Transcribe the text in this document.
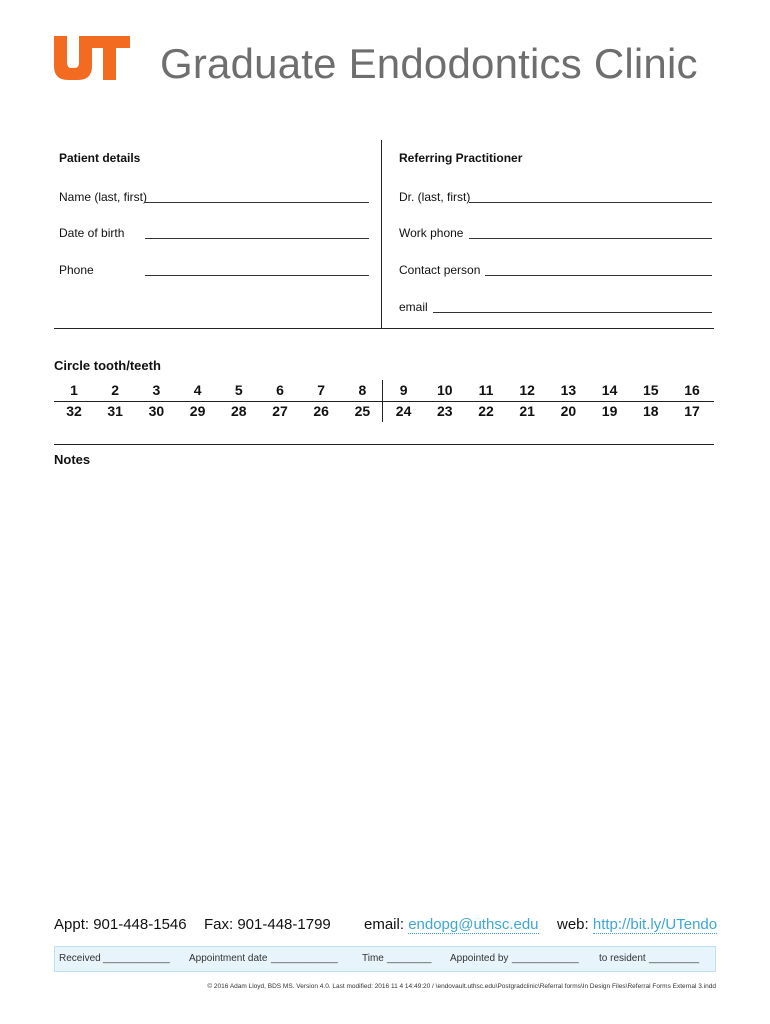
Graduate Endodontics Clinic
Patient details	Referring Practitioner
Name (last, first)
Date of birth
Phone
Dr. (last, first)
Work phone
Contact person
email
Circle tooth/teeth
1	2	3	4	5	6	7	8	9	10	11	12	13	14	15	16
32	31	30	29	28	27	26	25	24	23	22	21	20	19	18	17
Notes
Appt: 901-448-1546 Fax: 901-448-1799 email: endopg@uthsc.edu web: http://bit.ly/UTendo
Received ____________ Appointment date ____________ Time ________ Appointed by ____________ to resident _________
© 2016 Adam Lloyd, BDS MS. Version 4.0. Last modified: 2016 11 4 14:49:20 / \endovault.uthsc.edu\Postgradclinic\Referral forms\In Design Files\Referral Forms External 3.indd
